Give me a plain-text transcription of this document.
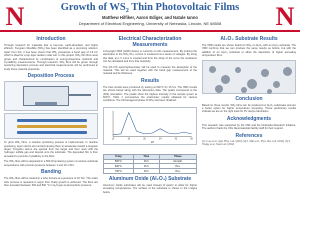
N	Growth of WS₂ Thin Photovoltaic Films
Matthew Hilfiker, Aaron Ediger, and Natale Ianno
Department of Electrical Engineering, University of Nebraska, Lincoln, NE 68508	N
Introduction
Through research for materials that is low-cost, earth-abundant, and highly efficient, Tungsten Disulfide (WS₂) has been identified as a promising solution. Apart from this, it has been shown that WS₂ possesses a band gap of 1.8 eV, which is ideal for a top layer tandem solar cell. In this project, WS₂ thin films were grown and characterized by combination of energy-dispersive methods and crystallinity measurements. Through research, WS₂ films will be grown through sputtering deposition process and electrical measurements will be performed to study these material properties.
Deposition Process
To grow WS₂ films, a reactive sputtering process is implemented. In reactive sputtering, argon atoms are ionized causing them to accelerate toward a tungsten target. Tungsten atoms are ejected from the target and then react with the hydrogen sulfide gas and deposit onto the substrate. The deposited film is then annealed to promote crystallinity in the films.
The WS₂ films will be deposited in a 500 W sputtering system at various substrate temperatures with process pressure between 1 and 10 mTorr.
Banding
The WS₂ films will be treated in a tube furnace at a pressure of 15 Torr. The entire tube process is repeated in argon then finally growth is achieved. The films are then annealed between 300 and 800 °C in H₂S gas at atmospheric pressure.
Electrical Characterization Measurements
A Keysight 4000 (4200) device is currently on this measurement. By probing the electrodes to the WS₂ film, current is measured at a series of voltages. By using this data, an I-V curve is created and from the slope of the curve the resistance can be calculated and from that resistivity.
The 4th IVS spectrophotometer will be used to measure the absorption of the material. This will be used together with the band gap measurement of the material and its thickness.
Results
The best results were produced by testing at 600°C for 15 hrs. The XRD results are shown below along with the absorption data. The peaks correspond to the (002) orientation. The peaks show the highest intensity in the sample grown at 600°C. Table 1 summarizes the preliminary results obtained for various conditions. The 2D hexagonal phase of WS₂ has been obtained.
10	18	26	34	42	50
2θ
Temp	Time	Phase
500°C	15 h	Amorph.
600°C	15 h	Hex.
700°C	15 h	Hex.
Aluminum Oxide (Al₂O₃) Substrate
Aluminum Oxide substrates will be used instead of quartz to allow for higher annealing temperatures. The surface of the substrate is shown in the images below.
Al₂O₃ Substrate Results
The XRD results are shown below for WS₂ on Al₂O₃ with an Al₂O₃ substrate. The XRD confirms that we can produce the same results as before, but with the addition of an Al₂O₃ substrate to allow the deposition of higher annealing temperature films.
Conclusion
Based on these results, WS₂ films can be produced on Al₂O₃ substrates and are a better option for higher temperature annealing. These preliminary results indicate we are on the right track for PV device fabrication.
Acknowledgments
This research was supported by the NSF and the Nebraska Research Initiative. The authors thank the UNL Nanomaterials facility staff for their support.
References
[1] J. Lee et al., Appl. Phys. Lett. (2014). [2] K. Mak et al., Phys. Rev. Lett. (2010). [3] S. Tongay et al., Nano Lett. (2012).
